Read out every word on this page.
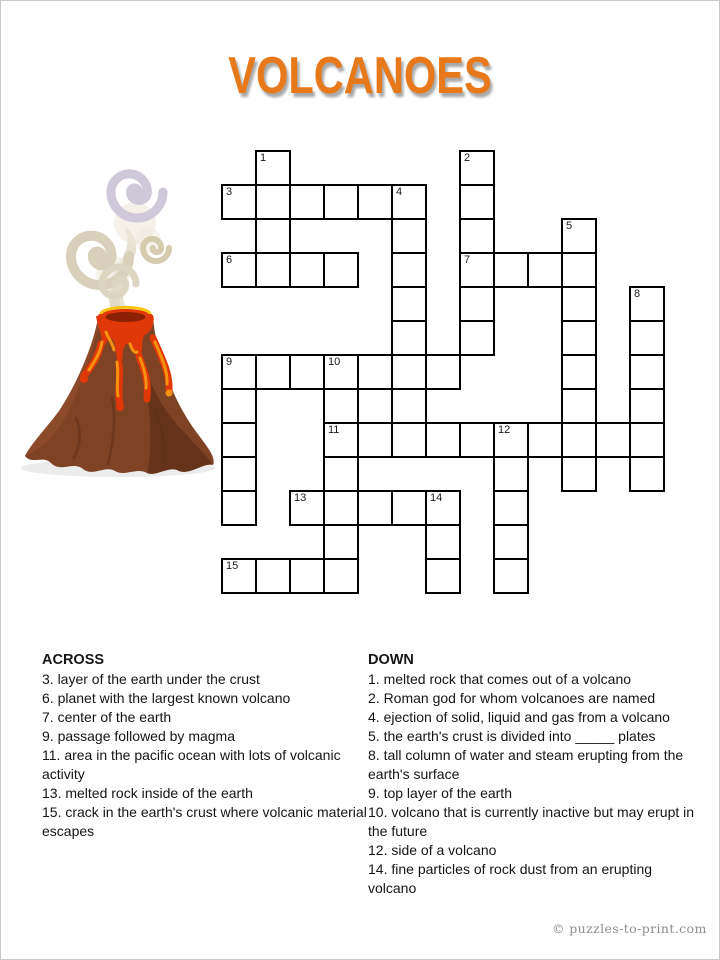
VOLCANOES
1	2
3	4
5
6	7
8
9	10
11	12
13	14
15
ACROSS
3. layer of the earth under the crust
6. planet with the largest known volcano
7. center of the earth
9. passage followed by magma
11. area in the pacific ocean with lots of volcanic activity
13. melted rock inside of the earth
15. crack in the earth's crust where volcanic material escapes
DOWN
1. melted rock that comes out of a volcano
2. Roman god for whom volcanoes are named
4. ejection of solid, liquid and gas from a volcano
5. the earth's crust is divided into _____ plates
8. tall column of water and steam erupting from the earth's surface
9. top layer of the earth
10. volcano that is currently inactive but may erupt in the future
12. side of a volcano
14. fine particles of rock dust from an erupting volcano
© puzzles-to-print.com
